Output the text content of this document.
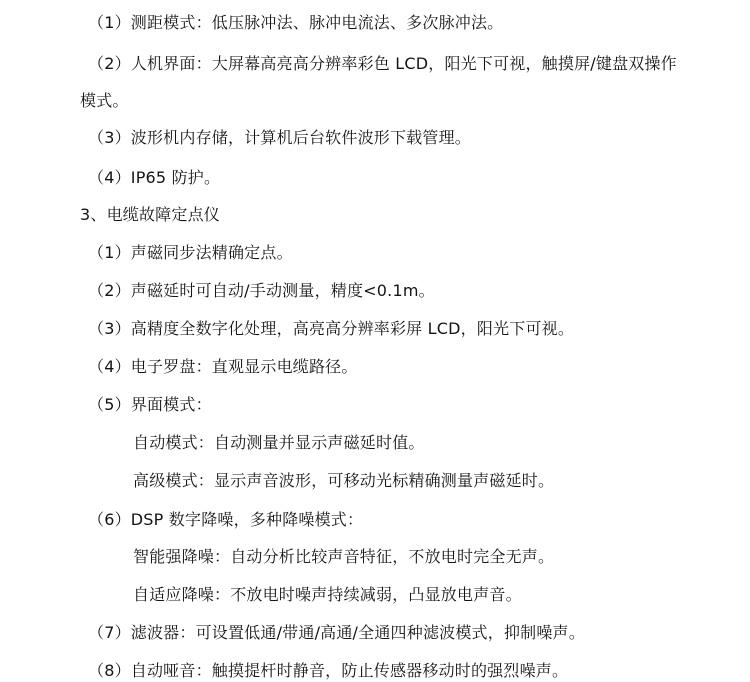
（1）测距模式：低压脉冲法、脉冲电流法、多次脉冲法。
（2）人机界面：大屏幕高亮高分辨率彩色 LCD，阳光下可视，触摸屏/键盘双操作
模式。
（3）波形机内存储，计算机后台软件波形下载管理。
（4）IP65 防护。
3、电缆故障定点仪
（1）声磁同步法精确定点。
（2）声磁延时可自动/手动测量，精度<0.1m。
（3）高精度全数字化处理，高亮高分辨率彩屏 LCD，阳光下可视。
（4）电子罗盘：直观显示电缆路径。
（5）界面模式：
自动模式：自动测量并显示声磁延时值。
高级模式：显示声音波形，可移动光标精确测量声磁延时。
（6）DSP 数字降噪，多种降噪模式：
智能强降噪：自动分析比较声音特征，不放电时完全无声。
自适应降噪：不放电时噪声持续减弱，凸显放电声音。
（7）滤波器：可设置低通/带通/高通/全通四种滤波模式，抑制噪声。
（8）自动哑音：触摸提杆时静音，防止传感器移动时的强烈噪声。
